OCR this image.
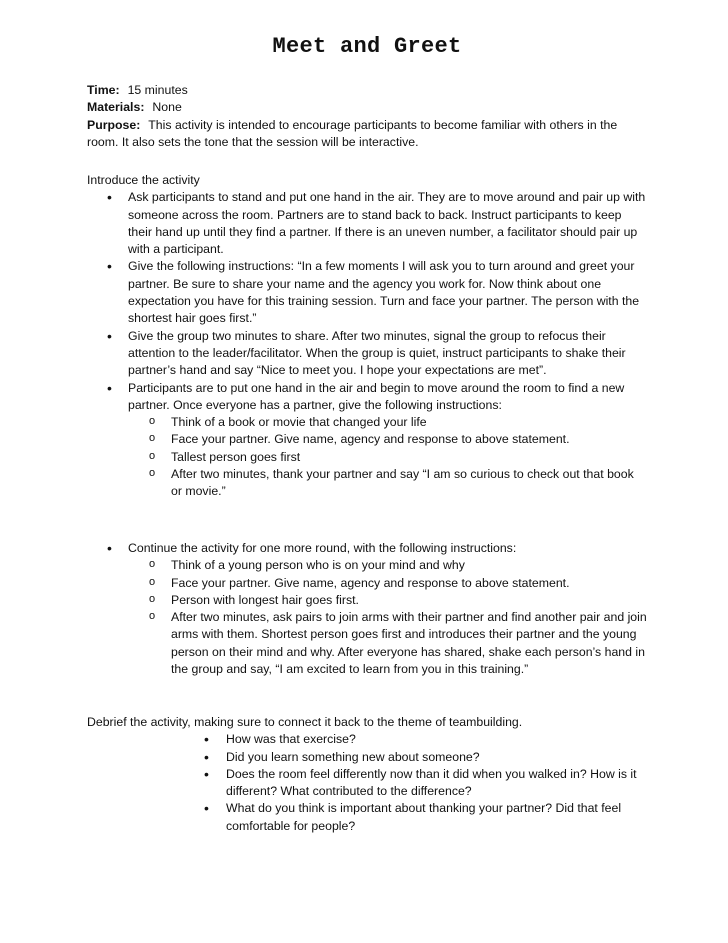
Meet and Greet

Time: 15 minutes

Materials: None

Purpose: This activity is intended to encourage participants to become familiar with others in the room. It also sets the tone that the session will be interactive.

Introduce the activity

• Ask participants to stand and put one hand in the air. They are to move around and pair up with someone across the room. Partners are to stand back to back. Instruct participants to keep their hand up until they find a partner. If there is an uneven number, a facilitator should pair up with a participant.
• Give the following instructions: “In a few moments I will ask you to turn around and greet your partner. Be sure to share your name and the agency you work for. Now think about one expectation you have for this training session. Turn and face your partner. The person with the shortest hair goes first.”
• Give the group two minutes to share. After two minutes, signal the group to refocus their attention to the leader/facilitator. When the group is quiet, instruct participants to shake their partner’s hand and say “Nice to meet you. I hope your expectations are met”.
• Participants are to put one hand in the air and begin to move around the room to find a new partner. Once everyone has a partner, give the following instructions:
o Think of a book or movie that changed your life
o Face your partner. Give name, agency and response to above statement.
o Tallest person goes first
o After two minutes, thank your partner and say “I am so curious to check out that book or movie.”
• Continue the activity for one more round, with the following instructions:
o Think of a young person who is on your mind and why
o Face your partner. Give name, agency and response to above statement.
o Person with longest hair goes first.
o After two minutes, ask pairs to join arms with their partner and find another pair and join arms with them. Shortest person goes first and introduces their partner and the young person on their mind and why. After everyone has shared, shake each person’s hand in the group and say, “I am excited to learn from you in this training.”

Debrief the activity, making sure to connect it back to the theme of teambuilding.

• How was that exercise?
• Did you learn something new about someone?
• Does the room feel differently now than it did when you walked in? How is it different? What contributed to the difference?
• What do you think is important about thanking your partner? Did that feel comfortable for people?
